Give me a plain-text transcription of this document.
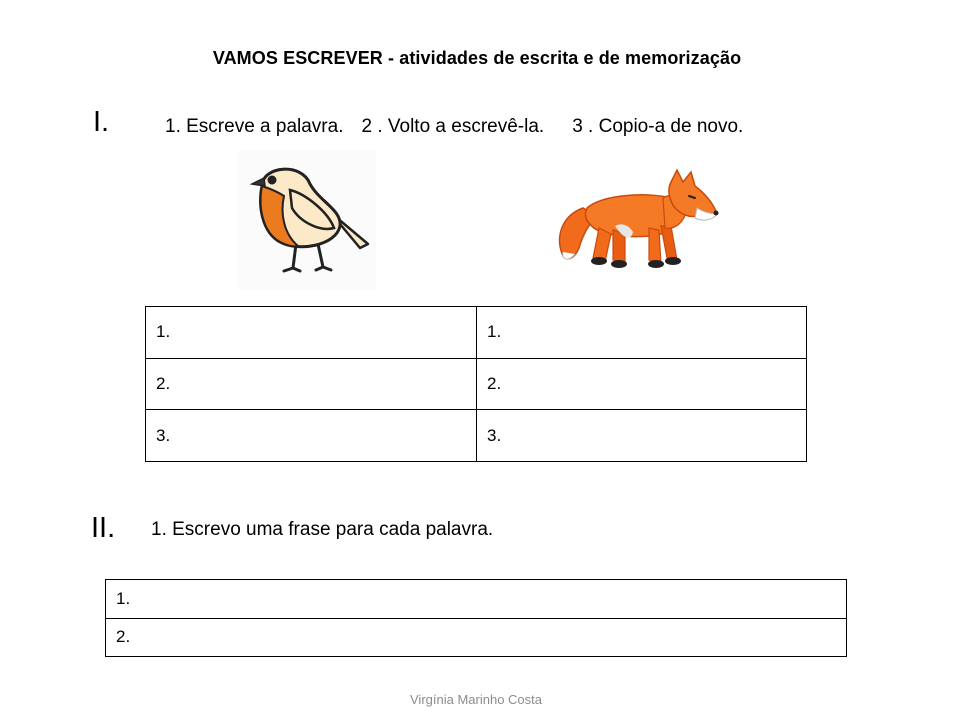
VAMOS ESCREVER - atividades de escrita e de memorização
I.	1. Escreve a palavra. 2 . Volto a escrevê-la. 3 . Copio-a de novo.
1.	1.
2.	2.
3.	3.
II. 1. Escrevo uma frase para cada palavra.
1.
2.
Virgínia Marinho Costa
